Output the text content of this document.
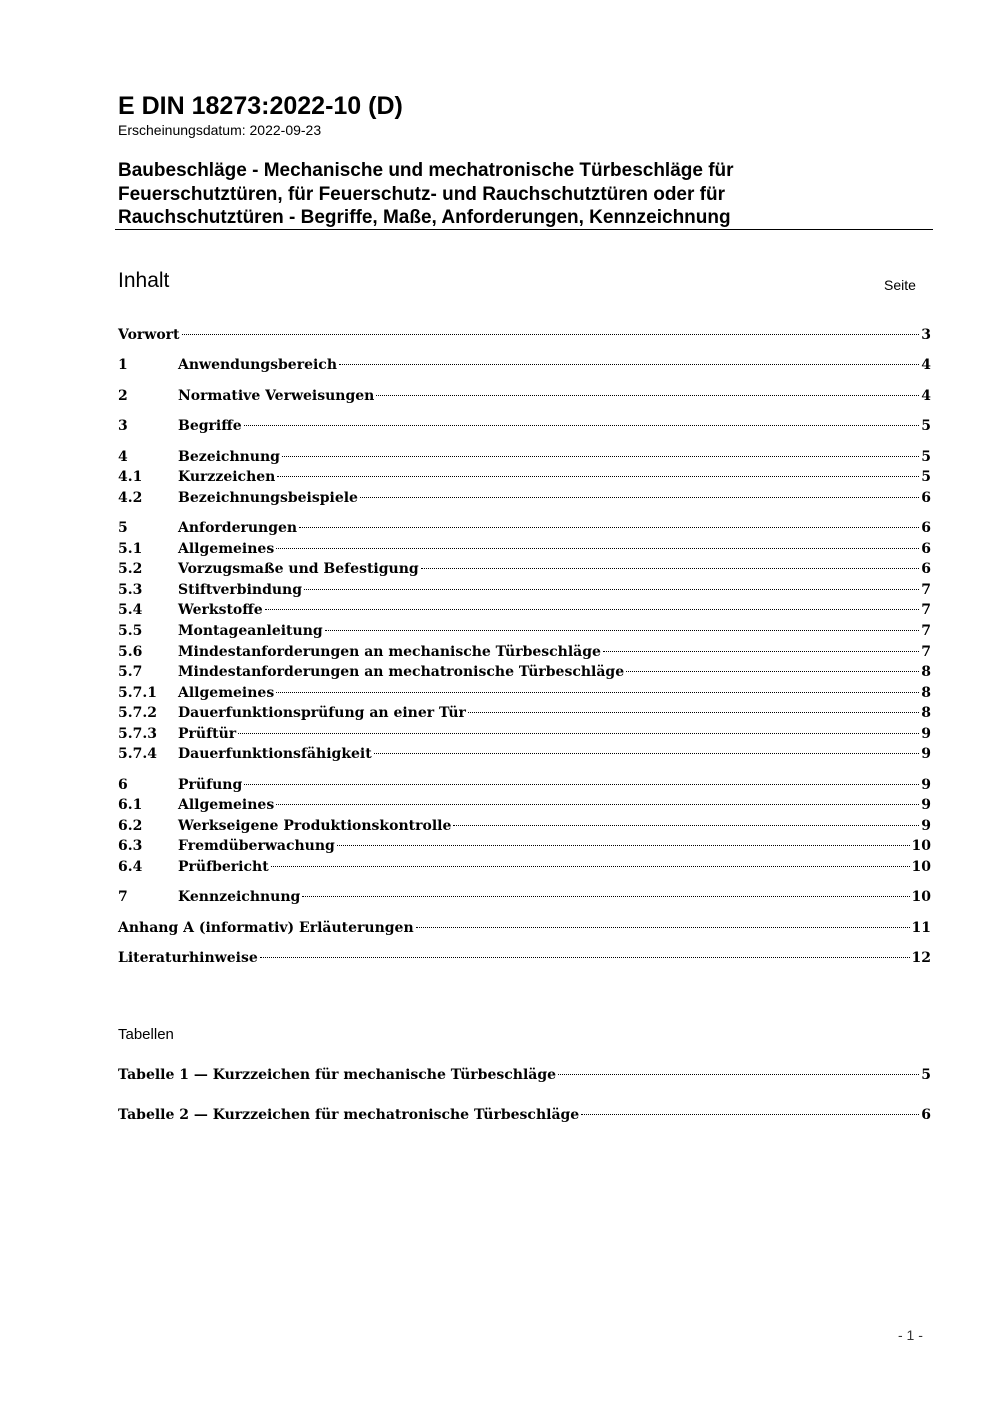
E DIN 18273:2022-10 (D)
Erscheinungsdatum: 2022-09-23
Baubeschläge - Mechanische und mechatronische Türbeschläge für
Feuerschutztüren, für Feuerschutz- und Rauchschutztüren oder für
Rauchschutztüren - Begriffe, Maße, Anforderungen, Kennzeichnung
Inhalt	Seite
Vorwort	3
1	Anwendungsbereich	4
2	Normative Verweisungen	4
3	Begriffe	5
4	Bezeichnung	5
4.1	Kurzzeichen	5
4.2	Bezeichnungsbeispiele	6
5	Anforderungen	6
5.1	Allgemeines	6
5.2	Vorzugsmaße und Befestigung	6
5.3	Stiftverbindung	7
5.4	Werkstoffe	7
5.5	Montageanleitung	7
5.6	Mindestanforderungen an mechanische Türbeschläge	7
5.7	Mindestanforderungen an mechatronische Türbeschläge	8
5.7.1	Allgemeines	8
5.7.2	Dauerfunktionsprüfung an einer Tür	8
5.7.3	Prüftür	9
5.7.4	Dauerfunktionsfähigkeit	9
6	Prüfung	9
6.1	Allgemeines	9
6.2	Werkseigene Produktionskontrolle	9
6.3	Fremdüberwachung	10
6.4	Prüfbericht	10
7	Kennzeichnung	10
Anhang A (informativ) Erläuterungen	11
Literaturhinweise	12
Tabellen
Tabelle 1 — Kurzzeichen für mechanische Türbeschläge	5
Tabelle 2 — Kurzzeichen für mechatronische Türbeschläge	6
- 1 -
